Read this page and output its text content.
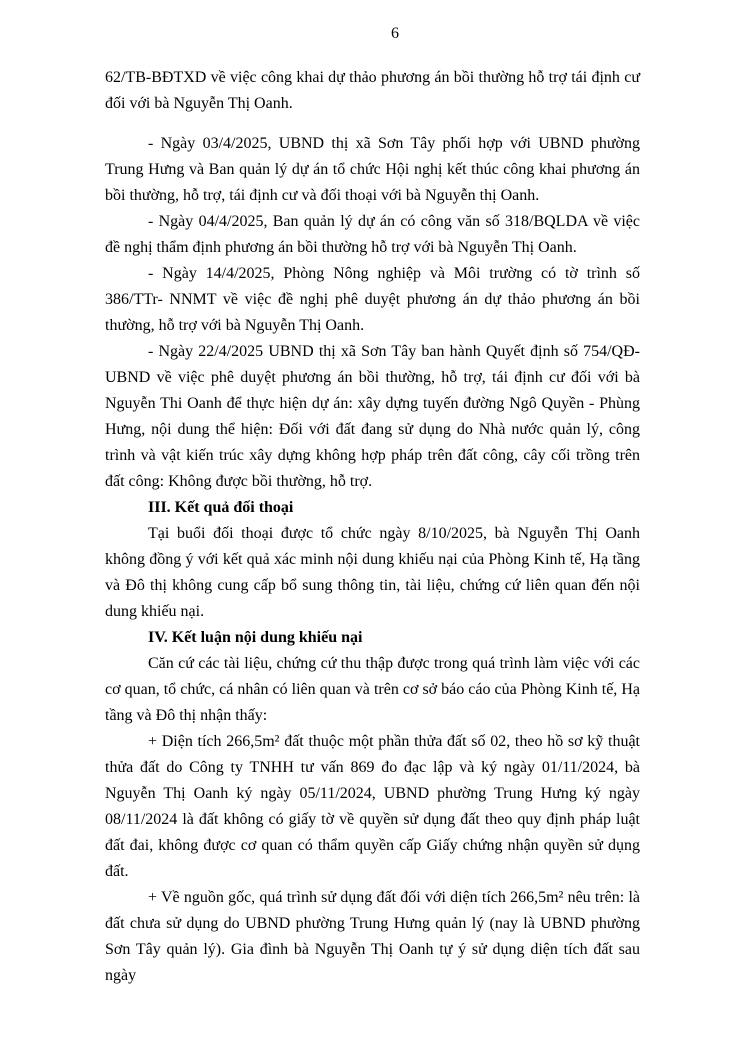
6

62/TB-BĐTXD về việc công khai dự thảo phương án bồi thường hỗ trợ tái định cư đối với bà Nguyễn Thị Oanh.

- Ngày 03/4/2025, UBND thị xã Sơn Tây phối hợp với UBND phường Trung Hưng và Ban quản lý dự án tổ chức Hội nghị kết thúc công khai phương án bồi thường, hỗ trợ, tái định cư và đối thoại với bà Nguyễn thị Oanh.

- Ngày 04/4/2025, Ban quản lý dự án có công văn số 318/BQLDA về việc đề nghị thẩm định phương án bồi thường hỗ trợ với bà Nguyễn Thị Oanh.

- Ngày 14/4/2025, Phòng Nông nghiệp và Môi trường có tờ trình số 386/TTr- NNMT về việc đề nghị phê duyệt phương án dự thảo phương án bồi thường, hỗ trợ với bà Nguyễn Thị Oanh.

- Ngày 22/4/2025 UBND thị xã Sơn Tây ban hành Quyết định số 754/QĐ-UBND về việc phê duyệt phương án bồi thường, hỗ trợ, tái định cư đối với bà Nguyễn Thi Oanh để thực hiện dự án: xây dựng tuyến đường Ngô Quyền - Phùng Hưng, nội dung thể hiện: Đối với đất đang sử dụng do Nhà nước quản lý, công trình và vật kiến trúc xây dựng không hợp pháp trên đất công, cây cối trồng trên đất công: Không được bồi thường, hỗ trợ.

III. Kết quả đối thoại

Tại buổi đối thoại được tổ chức ngày 8/10/2025, bà Nguyễn Thị Oanh không đồng ý với kết quả xác minh nội dung khiếu nại của Phòng Kinh tế, Hạ tầng và Đô thị không cung cấp bổ sung thông tin, tài liệu, chứng cứ liên quan đến nội dung khiếu nại.

IV. Kết luận nội dung khiếu nại

Căn cứ các tài liệu, chứng cứ thu thập được trong quá trình làm việc với các cơ quan, tổ chức, cá nhân có liên quan và trên cơ sở báo cáo của Phòng Kinh tế, Hạ tầng và Đô thị nhận thấy:

+ Diện tích 266,5m² đất thuộc một phần thửa đất số 02, theo hồ sơ kỹ thuật thửa đất do Công ty TNHH tư vấn 869 đo đạc lập và ký ngày 01/11/2024, bà Nguyễn Thị Oanh ký ngày 05/11/2024, UBND phường Trung Hưng ký ngày 08/11/2024 là đất không có giấy tờ về quyền sử dụng đất theo quy định pháp luật đất đai, không được cơ quan có thẩm quyền cấp Giấy chứng nhận quyền sử dụng đất.

+ Về nguồn gốc, quá trình sử dụng đất đối với diện tích 266,5m² nêu trên: là đất chưa sử dụng do UBND phường Trung Hưng quản lý (nay là UBND phường Sơn Tây quản lý). Gia đình bà Nguyễn Thị Oanh tự ý sử dụng diện tích đất sau ngày
